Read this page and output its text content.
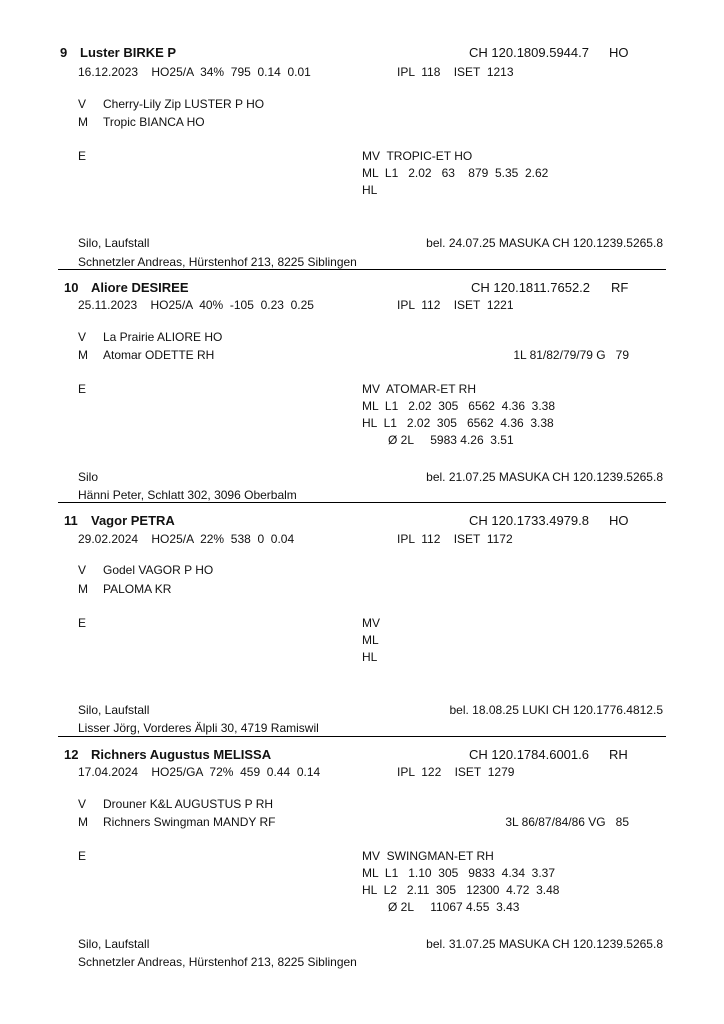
9 Luster BIRKE P	CH 120.1809.5944.7 HO
16.12.2023    HO25/A  34%  795  0.14  0.01	IPL  118    ISET  1213
V Cherry-Lily Zip LUSTER P HO
M Tropic BIANCA HO
E	MV  TROPIC-ET HO
ML  L1   2.02   63    879  5.35  2.62
HL
Silo, Laufstall	bel. 24.07.25 MASUKA CH 120.1239.5265.8
Schnetzler Andreas, Hürstenhof 213, 8225 Siblingen
10 Aliore DESIREE	CH 120.1811.7652.2 RF
25.11.2023    HO25/A  40%  -105  0.23  0.25	IPL  112    ISET  1221
V La Prairie ALIORE HO
M Atomar ODETTE RH	1L 81/82/79/79 G   79
E	MV  ATOMAR-ET RH
ML  L1   2.02  305   6562  4.36  3.38
HL  L1   2.02  305   6562  4.36  3.38
Ø 2L     5983 4.26  3.51
Silo	bel. 21.07.25 MASUKA CH 120.1239.5265.8
Hänni Peter, Schlatt 302, 3096 Oberbalm
11 Vagor PETRA	CH 120.1733.4979.8 HO
29.02.2024    HO25/A  22%  538  0  0.04	IPL  112    ISET  1172
V Godel VAGOR P HO
M PALOMA KR
E	MV
ML
HL
Silo, Laufstall	bel. 18.08.25 LUKI CH 120.1776.4812.5
Lisser Jörg, Vorderes Älpli 30, 4719 Ramiswil
12 Richners Augustus MELISSA	CH 120.1784.6001.6 RH
17.04.2024    HO25/GA  72%  459  0.44  0.14	IPL  122    ISET  1279
V Drouner K&L AUGUSTUS P RH
M Richners Swingman MANDY RF	3L 86/87/84/86 VG   85
E	MV  SWINGMAN-ET RH
ML  L1   1.10  305   9833  4.34  3.37
HL  L2   2.11  305   12300  4.72  3.48
Ø 2L     11067 4.55  3.43
Silo, Laufstall	bel. 31.07.25 MASUKA CH 120.1239.5265.8
Schnetzler Andreas, Hürstenhof 213, 8225 Siblingen
